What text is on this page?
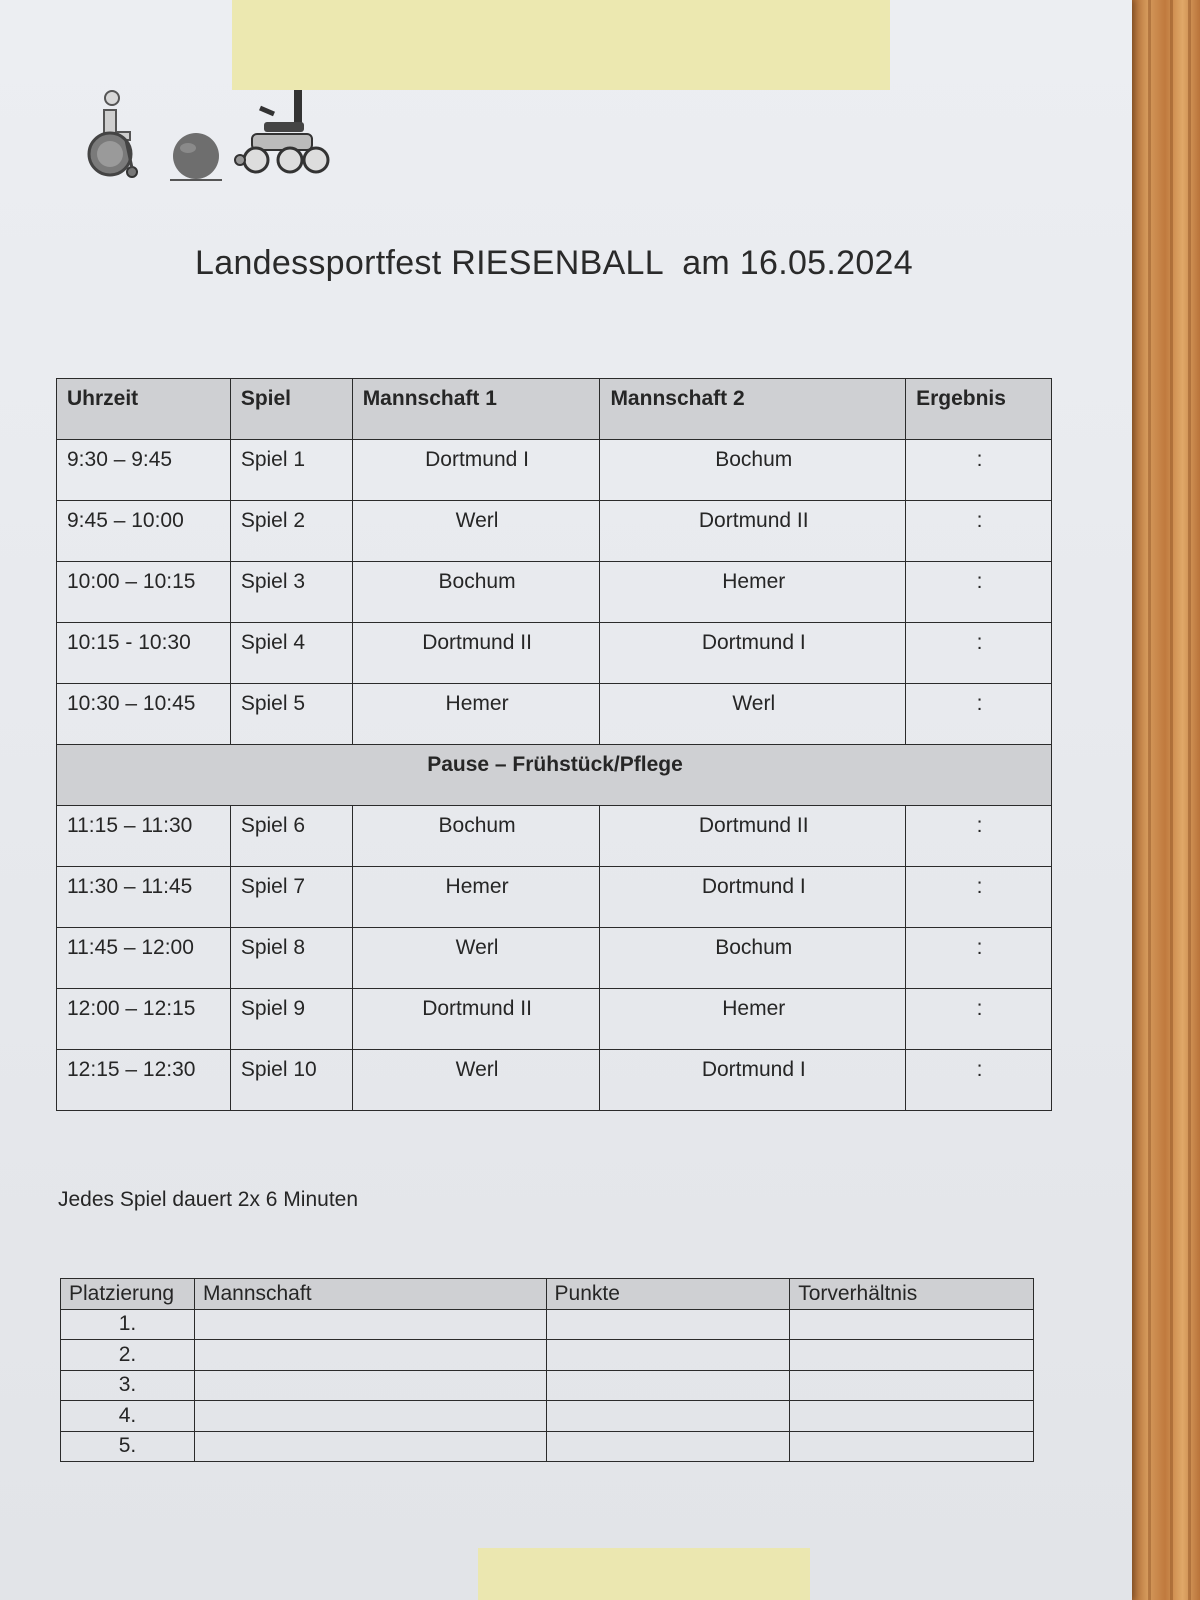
Landessportfest RIESENBALL  am 16.05.2024
Uhrzeit	Spiel	Mannschaft 1	Mannschaft 2	Ergebnis
9:30 – 9:45	Spiel 1	Dortmund I	Bochum	:
9:45 – 10:00	Spiel 2	Werl	Dortmund II	:
10:00 – 10:15	Spiel 3	Bochum	Hemer	:
10:15 - 10:30	Spiel 4	Dortmund II	Dortmund I	:
10:30 – 10:45	Spiel 5	Hemer	Werl	:
Pause – Frühstück/Pflege				
11:15 – 11:30	Spiel 6	Bochum	Dortmund II	:
11:30 – 11:45	Spiel 7	Hemer	Dortmund I	:
11:45 – 12:00	Spiel 8	Werl	Bochum	:
12:00 – 12:15	Spiel 9	Dortmund II	Hemer	:
12:15 – 12:30	Spiel 10	Werl	Dortmund I	:
Jedes Spiel dauert 2x 6 Minuten
Platzierung	Mannschaft	Punkte	Torverhältnis
1.			
2.			
3.			
4.			
5.			
